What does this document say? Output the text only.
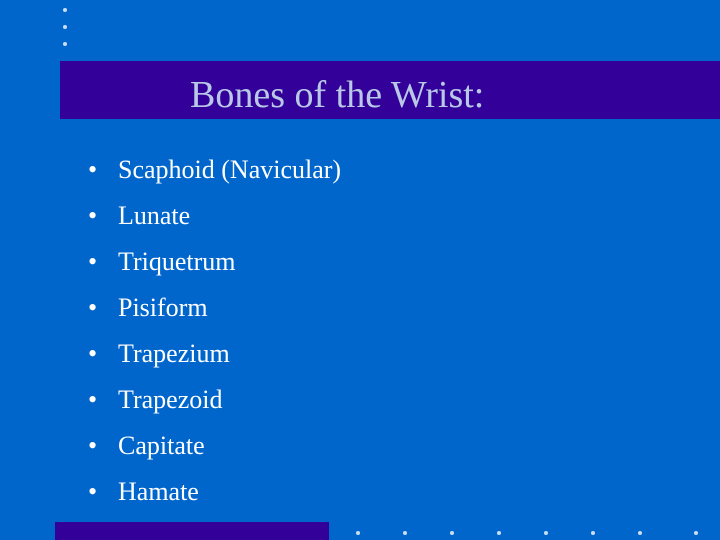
Bones of the Wrist:
• Scaphoid (Navicular)
• Lunate
• Triquetrum
• Pisiform
• Trapezium
• Trapezoid
• Capitate
• Hamate
